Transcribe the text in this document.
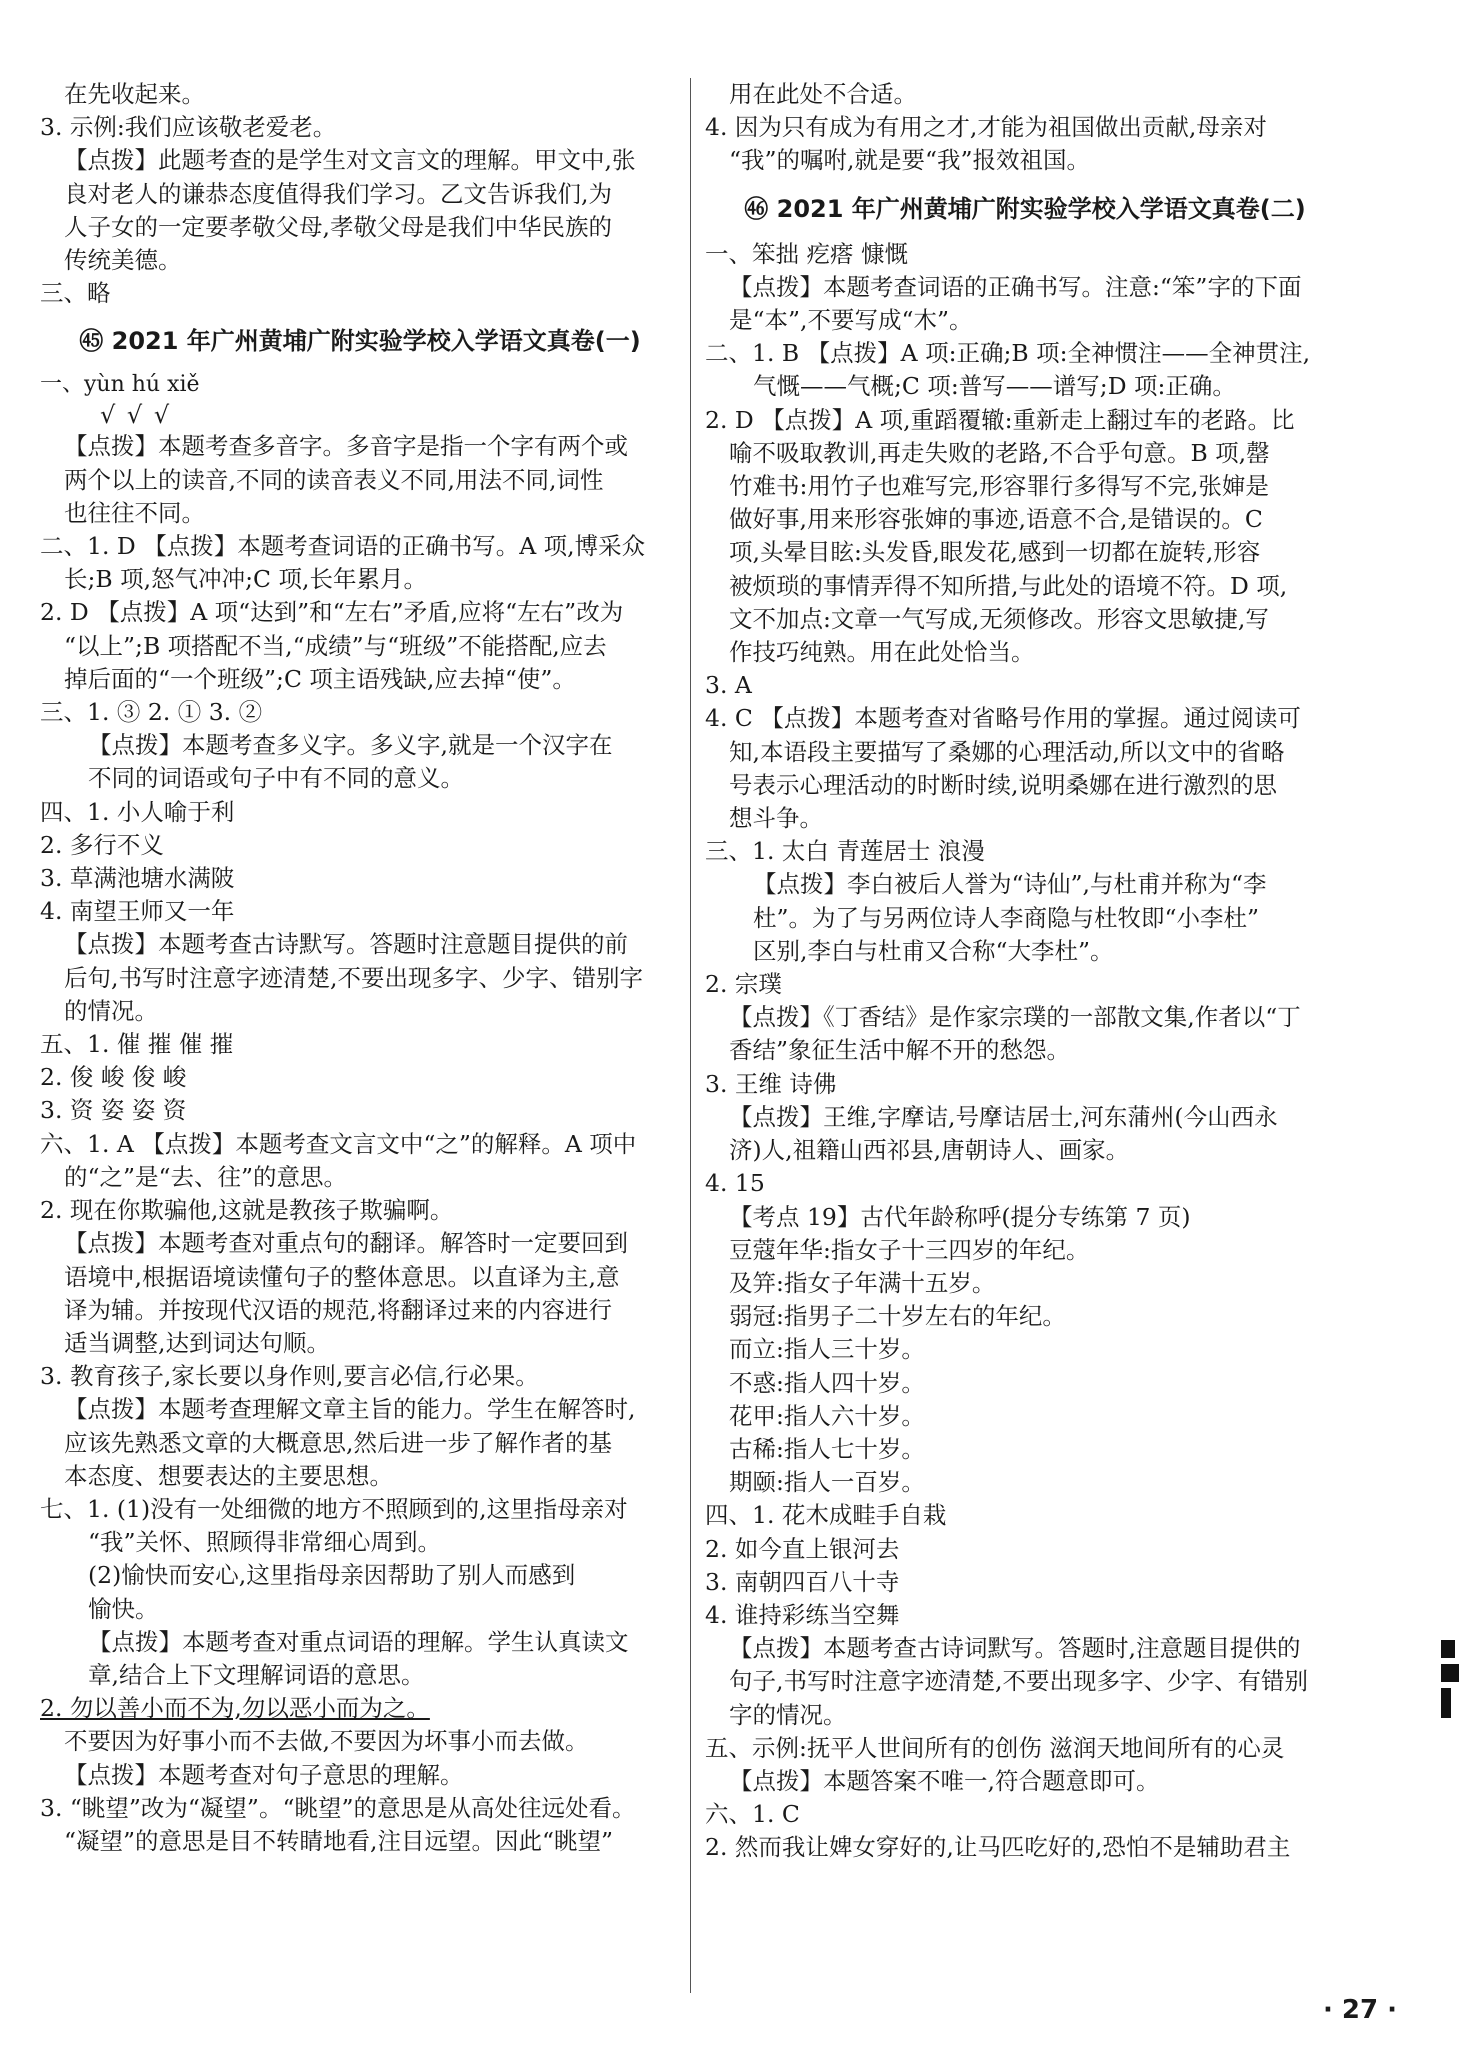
在先收起来。
3. 示例:我们应该敬老爱老。
【点拨】此题考查的是学生对文言文的理解。甲文中,张
良对老人的谦恭态度值得我们学习。乙文告诉我们,为
人子女的一定要孝敬父母,孝敬父母是我们中华民族的
传统美德。
三、略
㊺ 2021 年广州黄埔广附实验学校入学语文真卷(一)
一、yùn hú xiě
√ √ √
【点拨】本题考查多音字。多音字是指一个字有两个或
两个以上的读音,不同的读音表义不同,用法不同,词性
也往往不同。
二、1. D 【点拨】本题考查词语的正确书写。A 项,博采众
长;B 项,怒气冲冲;C 项,长年累月。
2. D 【点拨】A 项“达到”和“左右”矛盾,应将“左右”改为
“以上”;B 项搭配不当,“成绩”与“班级”不能搭配,应去
掉后面的“一个班级”;C 项主语残缺,应去掉“使”。
三、1. ③ 2. ① 3. ②
【点拨】本题考查多义字。多义字,就是一个汉字在
不同的词语或句子中有不同的意义。
四、1. 小人喻于利
2. 多行不义
3. 草满池塘水满陂
4. 南望王师又一年
【点拨】本题考查古诗默写。答题时注意题目提供的前
后句,书写时注意字迹清楚,不要出现多字、少字、错别字
的情况。
五、1. 催 摧 催 摧
2. 俊 峻 俊 峻
3. 资 姿 姿 资
六、1. A 【点拨】本题考查文言文中“之”的解释。A 项中
的“之”是“去、往”的意思。
2. 现在你欺骗他,这就是教孩子欺骗啊。
【点拨】本题考查对重点句的翻译。解答时一定要回到
语境中,根据语境读懂句子的整体意思。以直译为主,意
译为辅。并按现代汉语的规范,将翻译过来的内容进行
适当调整,达到词达句顺。
3. 教育孩子,家长要以身作则,要言必信,行必果。
【点拨】本题考查理解文章主旨的能力。学生在解答时,
应该先熟悉文章的大概意思,然后进一步了解作者的基
本态度、想要表达的主要思想。
七、1. (1)没有一处细微的地方不照顾到的,这里指母亲对
“我”关怀、照顾得非常细心周到。
(2)愉快而安心,这里指母亲因帮助了别人而感到
愉快。
【点拨】本题考查对重点词语的理解。学生认真读文
章,结合上下文理解词语的意思。
2. 勿以善小而不为,勿以恶小而为之。
不要因为好事小而不去做,不要因为坏事小而去做。
【点拨】本题考查对句子意思的理解。
3. “眺望”改为“凝望”。“眺望”的意思是从高处往远处看。
“凝望”的意思是目不转睛地看,注目远望。因此“眺望”
用在此处不合适。
4. 因为只有成为有用之才,才能为祖国做出贡献,母亲对
“我”的嘱咐,就是要“我”报效祖国。
㊻ 2021 年广州黄埔广附实验学校入学语文真卷(二)
一、笨拙 疙瘩 慷慨
【点拨】本题考查词语的正确书写。注意:“笨”字的下面
是“本”,不要写成“木”。
二、1. B 【点拨】A 项:正确;B 项:全神惯注——全神贯注,
气慨——气概;C 项:普写——谱写;D 项:正确。
2. D 【点拨】A 项,重蹈覆辙:重新走上翻过车的老路。比
喻不吸取教训,再走失败的老路,不合乎句意。B 项,罄
竹难书:用竹子也难写完,形容罪行多得写不完,张婶是
做好事,用来形容张婶的事迹,语意不合,是错误的。C
项,头晕目眩:头发昏,眼发花,感到一切都在旋转,形容
被烦琐的事情弄得不知所措,与此处的语境不符。D 项,
文不加点:文章一气写成,无须修改。形容文思敏捷,写
作技巧纯熟。用在此处恰当。
3. A
4. C 【点拨】本题考查对省略号作用的掌握。通过阅读可
知,本语段主要描写了桑娜的心理活动,所以文中的省略
号表示心理活动的时断时续,说明桑娜在进行激烈的思
想斗争。
三、1. 太白 青莲居士 浪漫
【点拨】李白被后人誉为“诗仙”,与杜甫并称为“李
杜”。为了与另两位诗人李商隐与杜牧即“小李杜”
区别,李白与杜甫又合称“大李杜”。
2. 宗璞
【点拨】《丁香结》是作家宗璞的一部散文集,作者以“丁
香结”象征生活中解不开的愁怨。
3. 王维 诗佛
【点拨】王维,字摩诘,号摩诘居士,河东蒲州(今山西永
济)人,祖籍山西祁县,唐朝诗人、画家。
4. 15
【考点 19】古代年龄称呼(提分专练第 7 页)
豆蔻年华:指女子十三四岁的年纪。
及笄:指女子年满十五岁。
弱冠:指男子二十岁左右的年纪。
而立:指人三十岁。
不惑:指人四十岁。
花甲:指人六十岁。
古稀:指人七十岁。
期颐:指人一百岁。
四、1. 花木成畦手自栽
2. 如今直上银河去
3. 南朝四百八十寺
4. 谁持彩练当空舞
【点拨】本题考查古诗词默写。答题时,注意题目提供的
句子,书写时注意字迹清楚,不要出现多字、少字、有错别
字的情况。
五、示例:抚平人世间所有的创伤 滋润天地间所有的心灵
【点拨】本题答案不唯一,符合题意即可。
六、1. C
2. 然而我让婢女穿好的,让马匹吃好的,恐怕不是辅助君主
· 27 ·
